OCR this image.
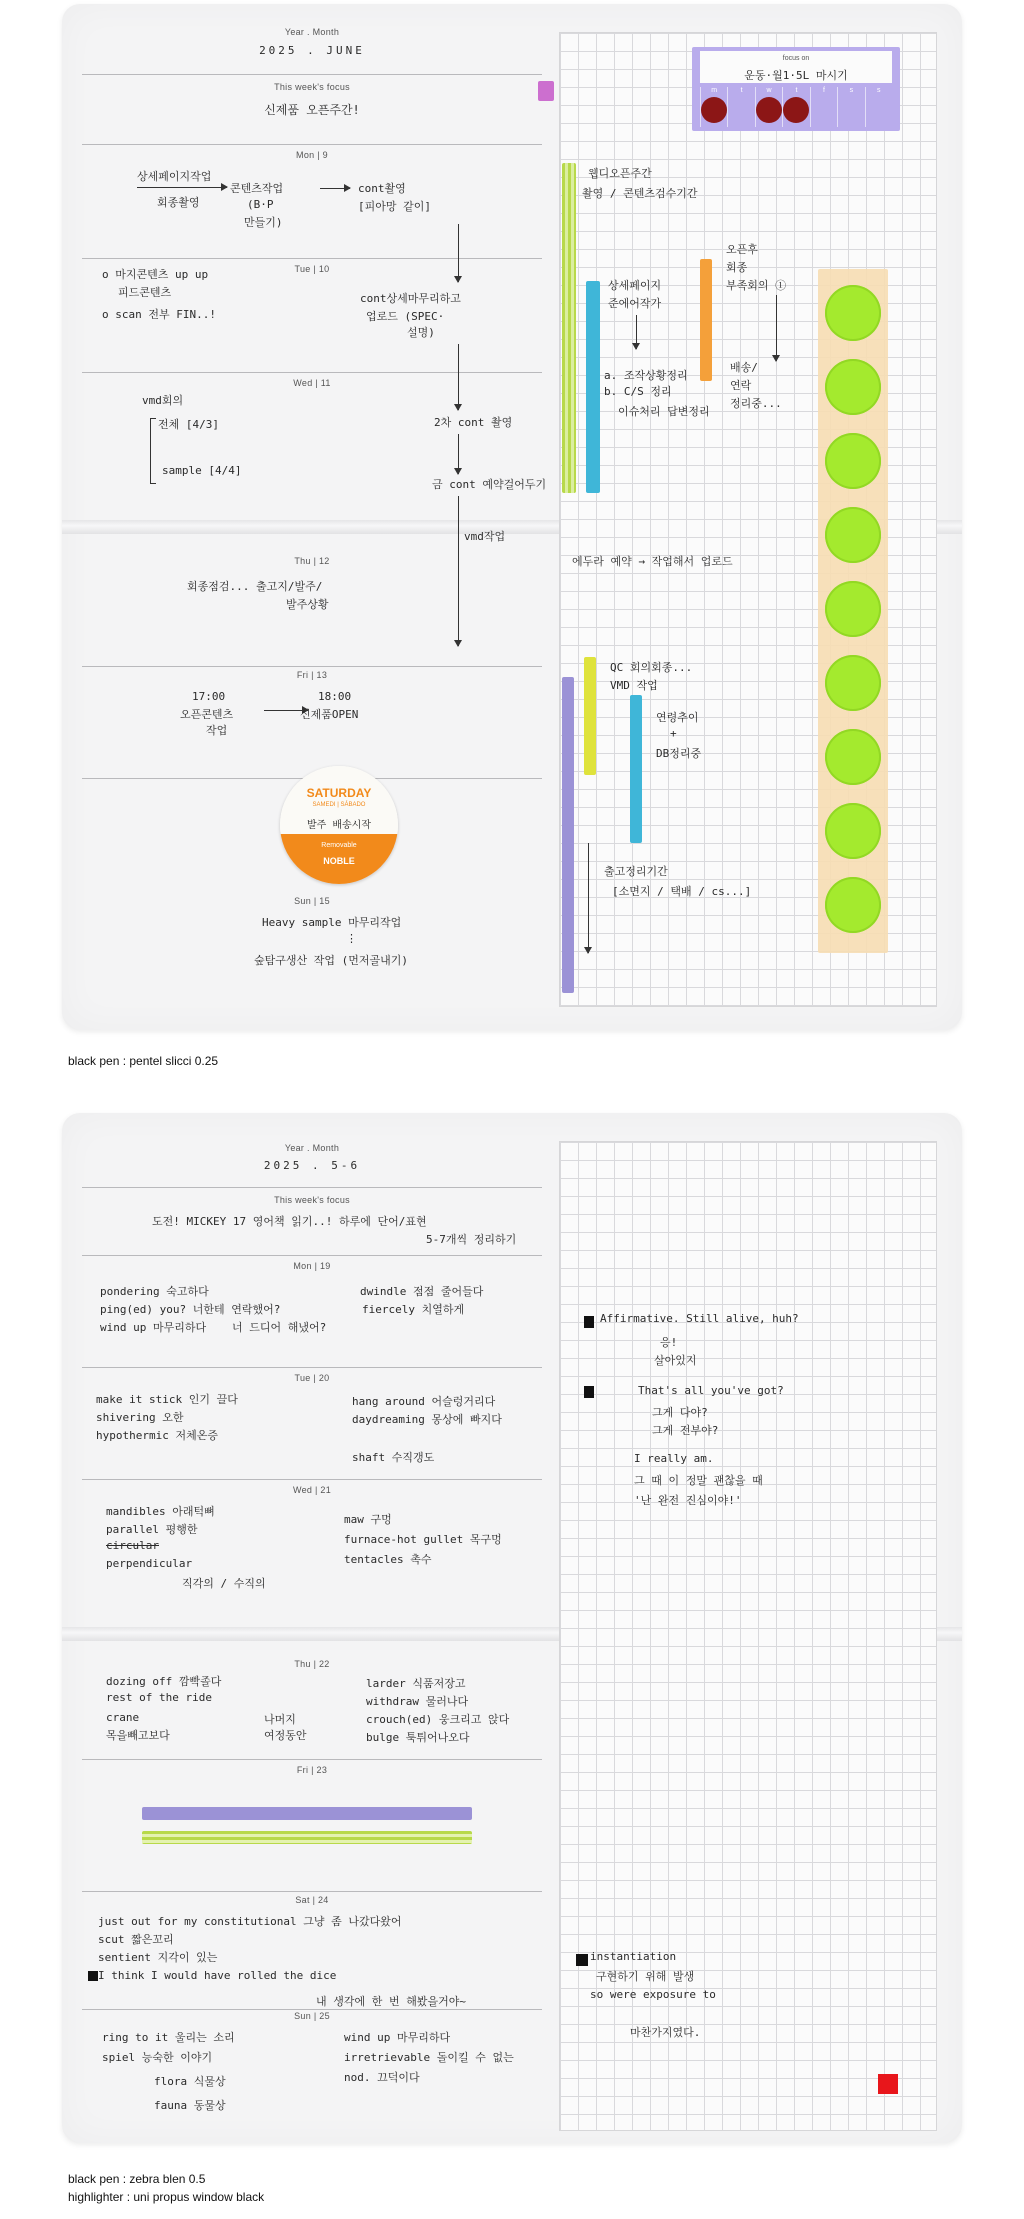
Year . Month
2025 . JUNE
This week's focus
신제품 오픈주간!
Mon | 9
상세페이지작업
회종촬영
콘텐츠작업
(B·P
만들기)
cont촬영
[피아망 같이]
Tue | 10
o 마지콘텐츠 up up
피드콘텐츠
o scan 전부 FIN..!
cont상세마무리하고
업로드 (SPEC·
설명)
Wed | 11
vmd회의
전체 [4/3]
sample [4/4]
2차 cont 촬영
금 cont 예약걸어두기
Thu | 12
vmd작업
회종점검... 출고지/발주/
발주상황
Fri | 13
17:00
오픈콘텐츠
작업
18:00
신제품OPEN
SATURDAY
SAMEDI | SÁBADO
발주 배송시작
Removable
NOBLE
Sun | 15
Heavy sample 마무리작업
⋮
숲탐구생산 작업 (먼저골내기)
focus on
운동·월1·5L 마시기
m	t	w	t	f	s	s
웹디오픈주간
촬영 / 콘텐츠검수기간
상세페이지
준에어작가
a. 조작상황정리
b. C/S 정리
이슈처리 답변정리
오픈후
회종
부족회의 ①
배송/
연락
정리중...
에두라 예약 → 작업해서 업로드
QC 회의회종...
VMD 작업
연령추이
+
DB정리중
출고정리기간
[소면지 / 택배 / cs...]
black pen : pentel slicci 0.25
Year . Month
2025 . 5-6
This week's focus
도전! MICKEY 17 영어책 읽기..! 하루에 단어/표현
5-7개씩 정리하기
Mon | 19
pondering 숙고하다
ping(ed) you? 너한테 연락했어?
wind up 마무리하다
dwindle 점점 줄어들다
fiercely 치열하게
너 드디어 해냈어?
Tue | 20
make it stick 인기 끌다
shivering 오한
hypothermic 저체온증
hang around 어슬렁거리다
daydreaming 몽상에 빠지다
shaft 수직갱도
Wed | 21
mandibles 아래턱뼈
parallel 평행한
circular
perpendicular
직각의 / 수직의
maw 구멍
furnace-hot gullet 목구멍
tentacles 촉수
Thu | 22
dozing off 깜빡졸다
rest of the ride
crane
목을빼고보다
나머지
여정동안
larder 식품저장고
withdraw 물러나다
crouch(ed) 웅크리고 앉다
bulge 툭튀어나오다
Fri | 23
Sat | 24
just out for my constitutional 그냥 좀 나갔다왔어
scut 짧은꼬리
sentient 지각이 있는
I think I would have rolled the dice
내 생각에 한 번 해봤을거야~
Sun | 25
ring to it 울리는 소리
spiel 능숙한 이야기
flora 식물상
fauna 동물상
wind up 마무리하다
irretrievable 돌이킬 수 없는
nod. 끄덕이다
Affirmative. Still alive, huh?
응!
살아있지
That's all you've got?
그게 다야?
그게 전부야?
I really am.
그 때 이 정말 괜찮을 때
'난 완전 진심이야!'
instantiation
구현하기 위해 발생
so were exposure to
마찬가지였다.
black pen : zebra blen 0.5
highlighter : uni propus window black
